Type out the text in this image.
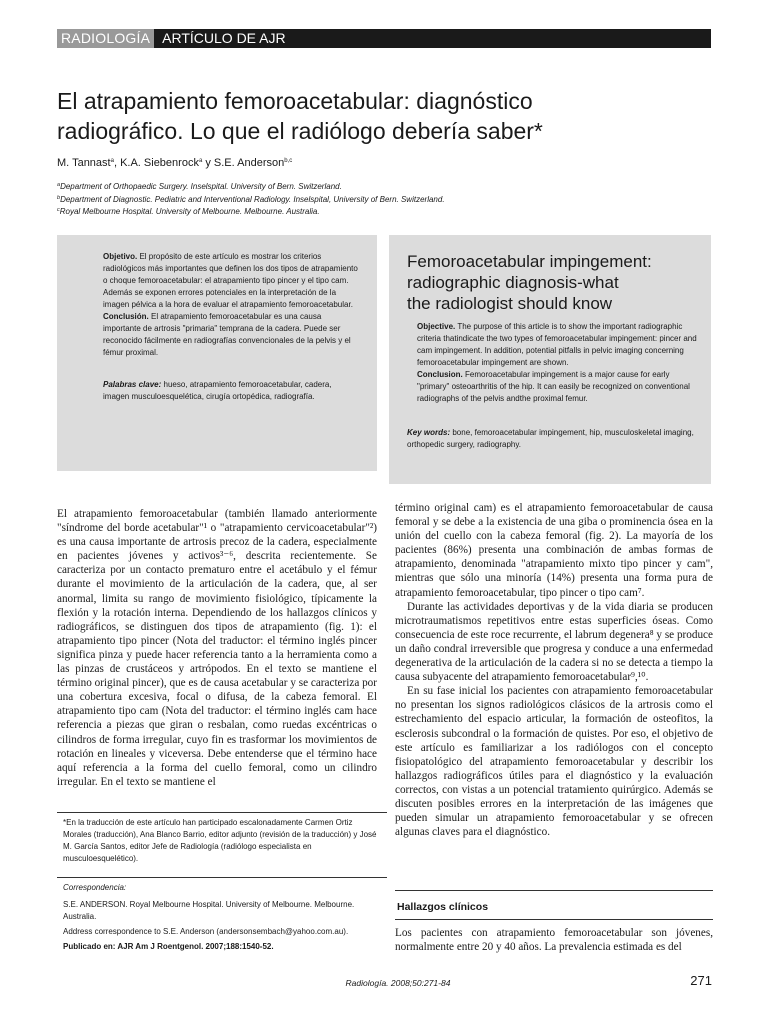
RADIOLOGÍA ARTÍCULO DE AJR
El atrapamiento femoroacetabular: diagnóstico
radiográfico. Lo que el radiólogo debería saber*
M. Tannast$^a$, K.A. Siebenrock$^a$ y S.E. Anderson$^{b,c}$
$^a$Department of Orthopaedic Surgery. Inselspital. University of Bern. Switzerland.
$^b$Department of Diagnostic. Pediatric and Interventional Radiology. Inselspital, University of Bern. Switzerland.
$^c$Royal Melbourne Hospital. University of Melbourne. Melbourne. Australia.

Objetivo. El propósito de este artículo es mostrar los criterios radiológicos más importantes que definen los dos tipos de atrapamiento o choque femoroacetabular: el atrapamiento tipo pincer y el tipo cam. Además se exponen errores potenciales en la interpretación de la imagen pélvica a la hora de evaluar el atrapamiento femoroacetabular.

Conclusión. El atrapamiento femoroacetabular es una causa importante de artrosis "primaria" temprana de la cadera. Puede ser reconocido fácilmente en radiografías convencionales de la pelvis y el fémur proximal.

Palabras clave: hueso, atrapamiento femoroacetabular, cadera, imagen musculoesquelética, cirugía ortopédica, radiografía.

Femoroacetabular impingement:
radiographic diagnosis-what
the radiologist should know

Objective. The purpose of this article is to show the important radiographic criteria thatindicate the two types of femoroacetabular impingement: pincer and cam impingement. In addition, potential pitfalls in pelvic imaging concerning femoroacetabular impingement are shown.

Conclusion. Femoroacetabular impingement is a major cause for early "primary" osteoarthritis of the hip. It can easily be recognized on conventional radiographs of the pelvis andthe proximal femur.

Key words: bone, femoroacetabular impingement, hip, musculoskeletal imaging, orthopedic surgery, radiography.

El atrapamiento femoroacetabular (también llamado anteriormente "síndrome del borde acetabular"¹ o "atrapamiento cervicoacetabular"²) es una causa importante de artrosis precoz de la cadera, especialmente en pacientes jóvenes y activos³⁻⁶, descrita recientemente. Se caracteriza por un contacto prematuro entre el acetábulo y el fémur durante el movimiento de la articulación de la cadera, que, al ser anormal, limita su rango de movimiento fisiológico, típicamente la flexión y la rotación interna. Dependiendo de los hallazgos clínicos y radiográficos, se distinguen dos tipos de atrapamiento (fig. 1): el atrapamiento tipo pincer (Nota del traductor: el término inglés pincer significa pinza y puede hacer referencia tanto a la herramienta como a las pinzas de crustáceos y artrópodos. En el texto se mantiene el término original pincer), que es de causa acetabular y se caracteriza por una cobertura excesiva, focal o difusa, de la cabeza femoral. El atrapamiento tipo cam (Nota del traductor: el término inglés cam hace referencia a piezas que giran o resbalan, como ruedas excéntricas o cilindros de forma irregular, cuyo fin es trasformar los movimientos de rotación en lineales y viceversa. Debe entenderse que el término hace aquí referencia a la forma del cuello femoral, como un cilindro irregular. En el texto se mantiene el

*En la traducción de este artículo han participado escalonadamente Carmen Ortiz Morales (traducción), Ana Blanco Barrio, editor adjunto (revisión de la traducción) y José M. García Santos, editor Jefe de Radiología (radiólogo especialista en musculoesquelético).
Correspondencia:
S.E. ANDERSON. Royal Melbourne Hospital. University of Melbourne. Melbourne. Australia.
Address correspondence to S.E. Anderson (andersonsembach@yahoo.com.au).
Publicado en: AJR Am J Roentgenol. 2007;188:1540-52.

término original cam) es el atrapamiento femoroacetabular de causa femoral y se debe a la existencia de una giba o prominencia ósea en la unión del cuello con la cabeza femoral (fig. 2). La mayoría de los pacientes (86%) presenta una combinación de ambas formas de atrapamiento, denominada "atrapamiento mixto tipo pincer y cam", mientras que sólo una minoría (14%) presenta una forma pura de atrapamiento femoroacetabular, tipo pincer o tipo cam⁷.

Durante las actividades deportivas y de la vida diaria se producen microtraumatismos repetitivos entre estas superficies óseas. Como consecuencia de este roce recurrente, el labrum degenera⁸ y se produce un daño condral irreversible que progresa y conduce a una enfermedad degenerativa de la articulación de la cadera si no se detecta a tiempo la causa subyacente del atrapamiento femoroacetabular⁹,¹⁰.

En su fase inicial los pacientes con atrapamiento femoroacetabular no presentan los signos radiológicos clásicos de la artrosis como el estrechamiento del espacio articular, la formación de osteofitos, la esclerosis subcondral o la formación de quistes. Por eso, el objetivo de este artículo es familiarizar a los radiólogos con el concepto fisiopatológico del atrapamiento femoroacetabular y describir los hallazgos radiográficos útiles para el diagnóstico y la evaluación correctos, con vistas a un potencial tratamiento quirúrgico. Además se discuten posibles errores en la interpretación de las imágenes que pueden simular un atrapamiento femoroacetabular y se ofrecen algunas claves para el diagnóstico.

Hallazgos clínicos
Los pacientes con atrapamiento femoroacetabular son jóvenes, normalmente entre 20 y 40 años. La prevalencia estimada es del
Radiología. 2008;50:271-84	271
